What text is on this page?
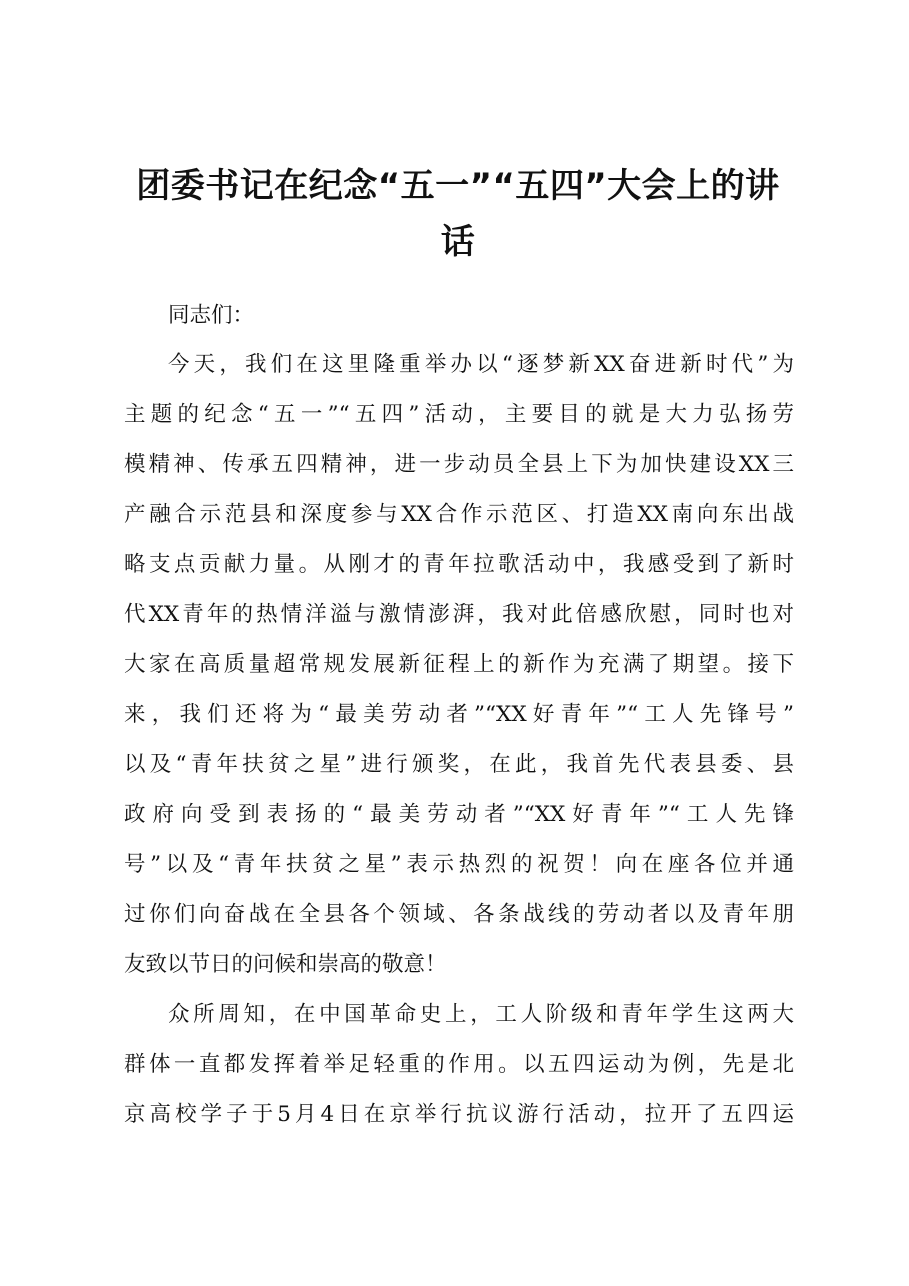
团委书记在纪念“五一”“五四”大会上的讲
话
同志们：
今天，我们在这里隆重举办以“逐梦新XX奋进新时代”为
主题的纪念“五一”“五四”活动，主要目的就是大力弘扬劳
模精神、传承五四精神，进一步动员全县上下为加快建设XX三
产融合示范县和深度参与XX合作示范区、打造XX南向东出战
略支点贡献力量。从刚才的青年拉歌活动中，我感受到了新时
代XX青年的热情洋溢与激情澎湃，我对此倍感欣慰，同时也对
大家在高质量超常规发展新征程上的新作为充满了期望。接下
来，我们还将为“最美劳动者”“XX好青年”“工人先锋号”
以及“青年扶贫之星”进行颁奖，在此，我首先代表县委、县
政府向受到表扬的“最美劳动者”“XX好青年”“工人先锋
号”以及“青年扶贫之星”表示热烈的祝贺！向在座各位并通
过你们向奋战在全县各个领域、各条战线的劳动者以及青年朋
友致以节日的问候和崇高的敬意！
众所周知，在中国革命史上，工人阶级和青年学生这两大
群体一直都发挥着举足轻重的作用。以五四运动为例，先是北
京高校学子于5月4日在京举行抗议游行活动，拉开了五四运
